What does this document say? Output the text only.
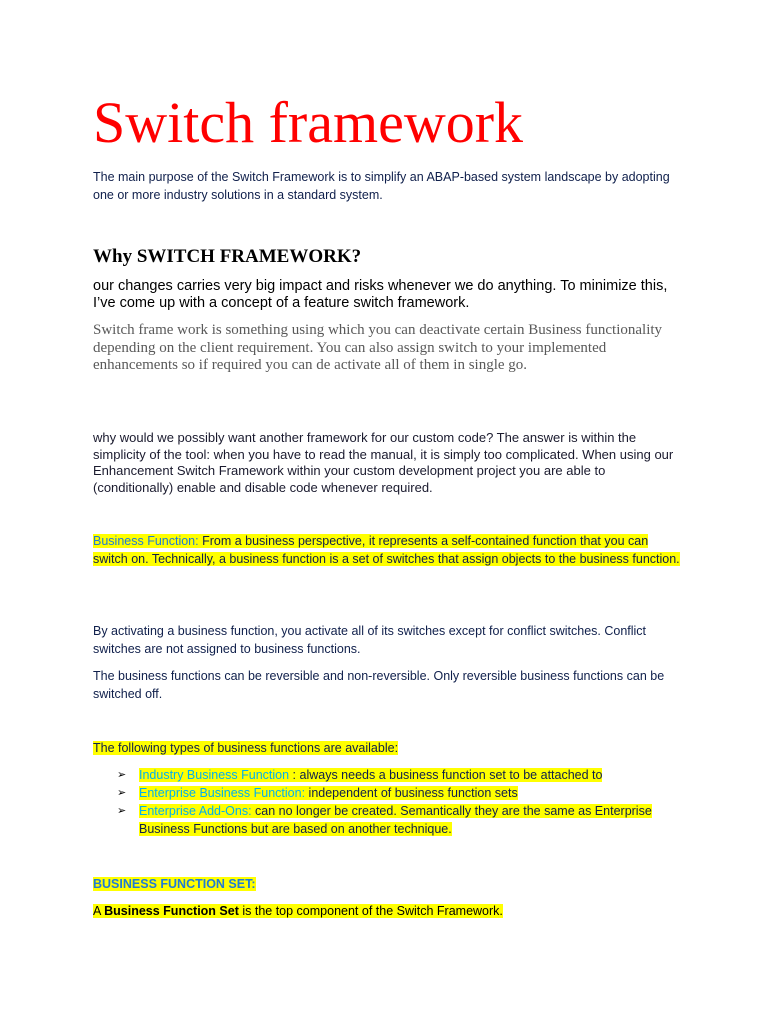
Switch framework

The main purpose of the Switch Framework is to simplify an ABAP-based system landscape by adopting one or more industry solutions in a standard system.

Why SWITCH FRAMEWORK?

our changes carries very big impact and risks whenever we do anything. To minimize this, I’ve come up with a concept of a feature switch framework.

Switch frame work is something using which you can deactivate certain Business functionality depending on the client requirement. You can also assign switch to your implemented enhancements so if required you can de activate all of them in single go.

why would we possibly want another framework for our custom code? The answer is within the simplicity of the tool: when you have to read the manual, it is simply too complicated. When using our Enhancement Switch Framework within your custom development project you are able to (conditionally) enable and disable code whenever required.

Business Function: From a business perspective, it represents a self-contained function that you can switch on. Technically, a business function is a set of switches that assign objects to the business function.

By activating a business function, you activate all of its switches except for conflict switches. Conflict switches are not assigned to business functions.

The business functions can be reversible and non-reversible. Only reversible business functions can be switched off.

The following types of business functions are available:

➢ Industry Business Function : always needs a business function set to be attached to
➢ Enterprise Business Function: independent of business function sets
➢ Enterprise Add-Ons: can no longer be created. Semantically they are the same as Enterprise Business Functions but are based on another technique.

BUSINESS FUNCTION SET:

A Business Function Set is the top component of the Switch Framework.
